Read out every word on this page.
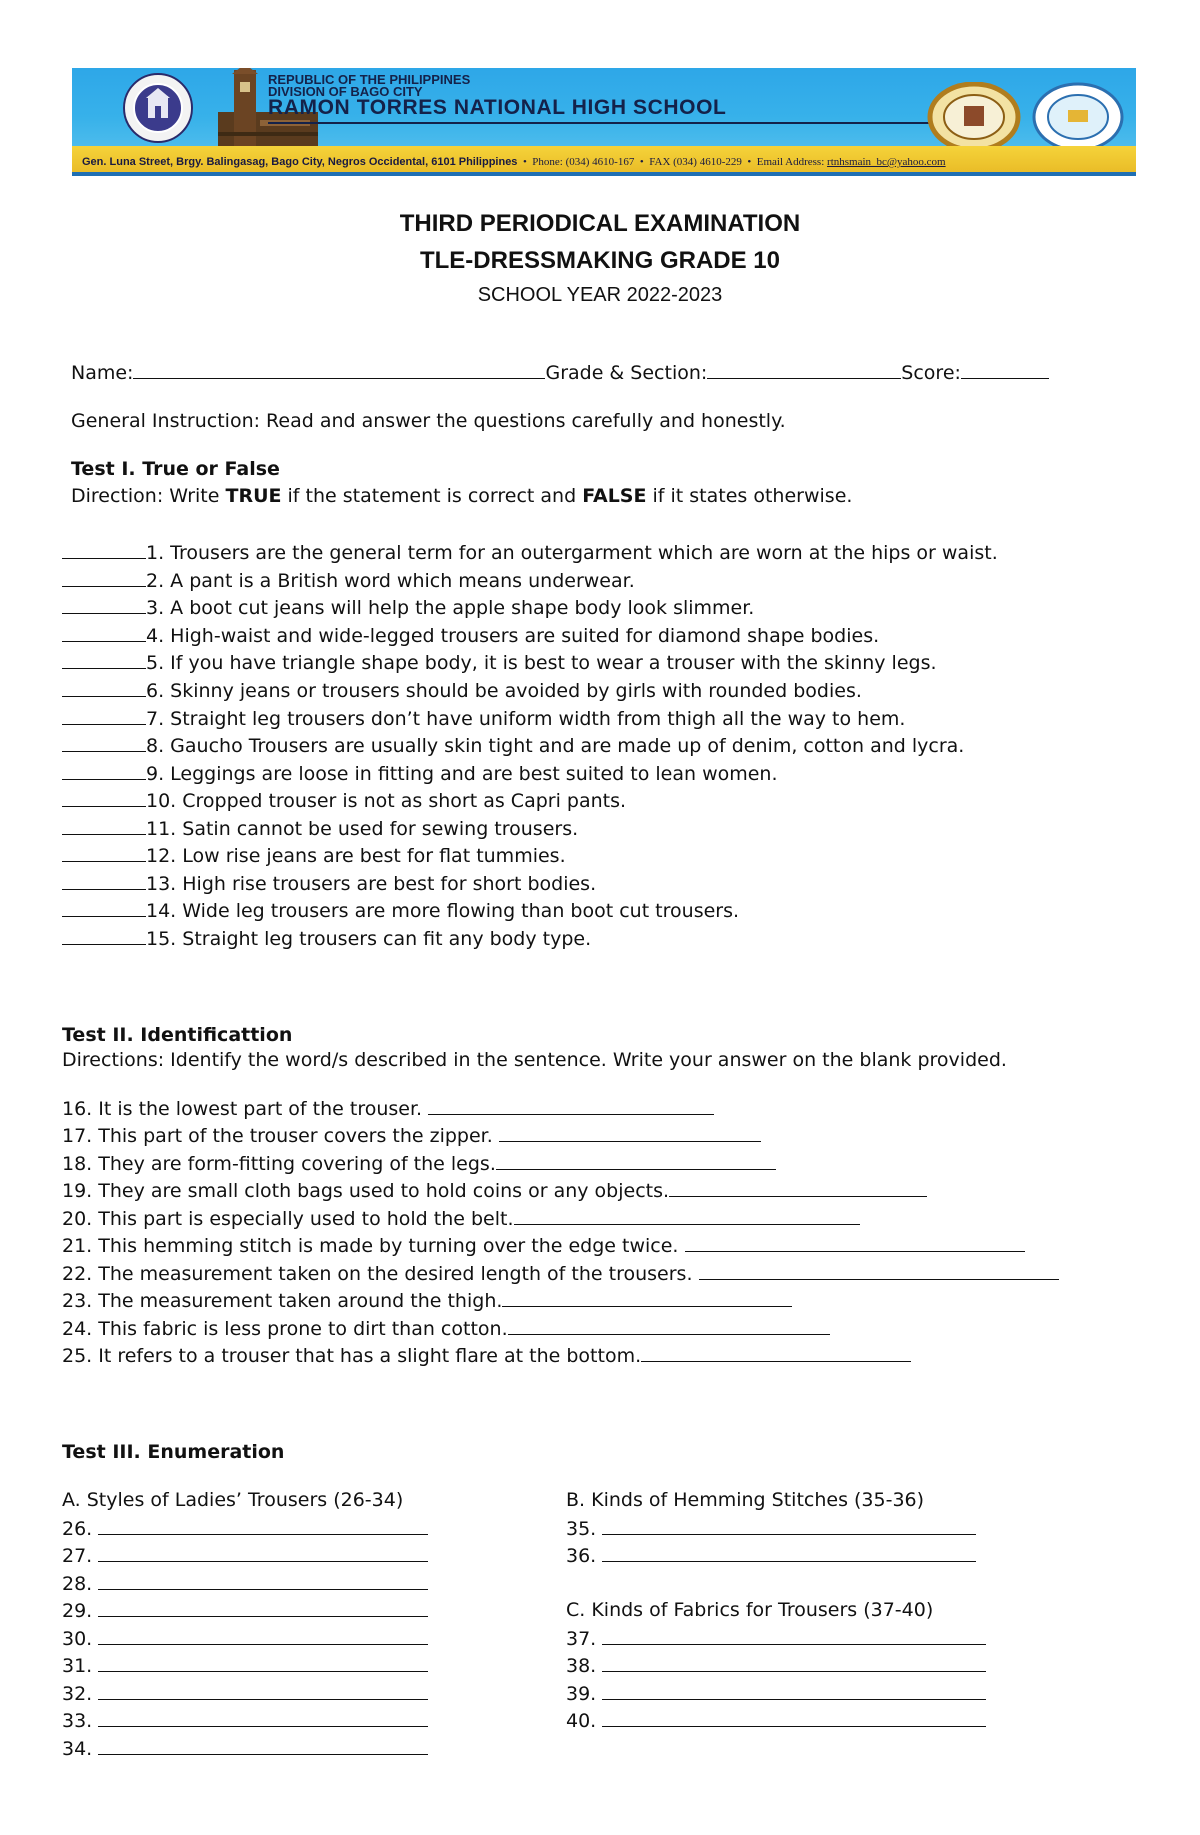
REPUBLIC OF THE PHILIPPINES
DIVISION OF BAGO CITY
RAMON TORRES NATIONAL HIGH SCHOOL
Gen. Luna Street, Brgy. Balingasag, Bago City, Negros Occidental, 6101 Philippines  •  Phone: (034) 4610-167  •  FAX (034) 4610-229  •  Email Address: rtnhsmain_bc@yahoo.com
THIRD PERIODICAL EXAMINATION
TLE-DRESSMAKING GRADE 10
SCHOOL YEAR 2022-2023
Name:	Grade & Section:	Score:
General Instruction: Read and answer the questions carefully and honestly.
Test I. True or False
Direction: Write TRUE if the statement is correct and FALSE if it states otherwise.
1. Trousers are the general term for an outergarment which are worn at the hips or waist.
2. A pant is a British word which means underwear.
3. A boot cut jeans will help the apple shape body look slimmer.
4. High-waist and wide-legged trousers are suited for diamond shape bodies.
5. If you have triangle shape body, it is best to wear a trouser with the skinny legs.
6. Skinny jeans or trousers should be avoided by girls with rounded bodies.
7. Straight leg trousers don’t have uniform width from thigh all the way to hem.
8. Gaucho Trousers are usually skin tight and are made up of denim, cotton and lycra.
9. Leggings are loose in fitting and are best suited to lean women.
10. Cropped trouser is not as short as Capri pants.
11. Satin cannot be used for sewing trousers.
12. Low rise jeans are best for flat tummies.
13. High rise trousers are best for short bodies.
14. Wide leg trousers are more flowing than boot cut trousers.
15. Straight leg trousers can fit any body type.
Test II. Identificattion
Directions: Identify the word/s described in the sentence. Write your answer on the blank provided.
16. It is the lowest part of the trouser.
17. This part of the trouser covers the zipper.
18. They are form-fitting covering of the legs.
19. They are small cloth bags used to hold coins or any objects.
20. This part is especially used to hold the belt.
21. This hemming stitch is made by turning over the edge twice.
22. The measurement taken on the desired length of the trousers.
23. The measurement taken around the thigh.
24. This fabric is less prone to dirt than cotton.
25. It refers to a trouser that has a slight flare at the bottom.
Test III. Enumeration
A. Styles of Ladies’ Trousers (26-34)
26.
27.
28.
29.
30.
31.
32.
33.
34.
B. Kinds of Hemming Stitches (35-36)
35.
36.
C. Kinds of Fabrics for Trousers (37-40)
37.
38.
39.
40.
